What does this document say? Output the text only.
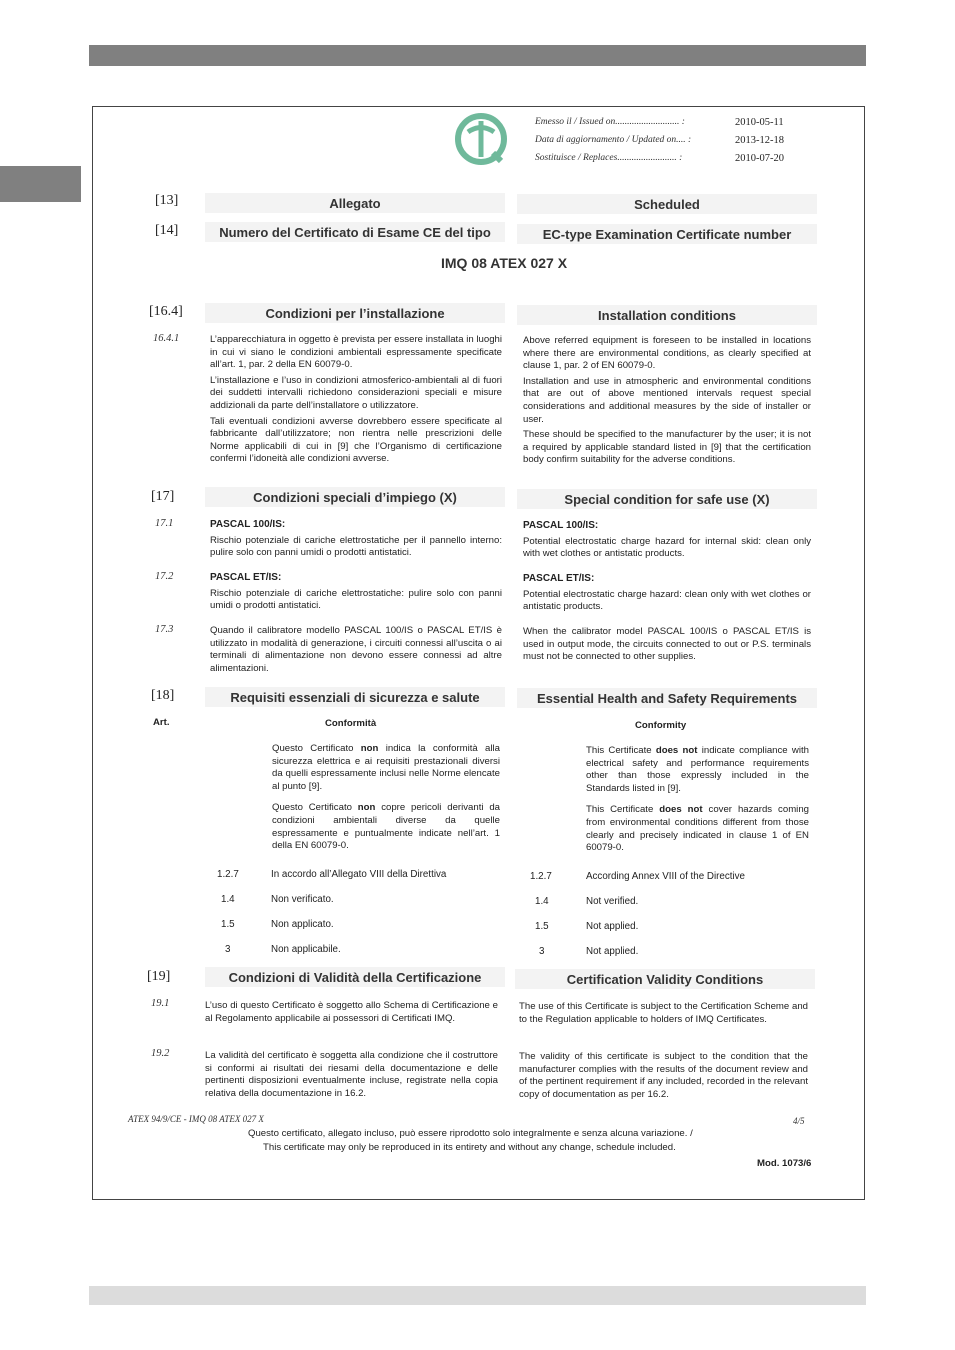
Emesso il / Issued on........................... :	2010-05-11
Data di aggiornamento / Updated on.... :	2013-12-18
Sostituisce / Replaces......................... :	2010-07-20
[13]	Allegato	Scheduled
[14]	Numero del Certificato di Esame CE del tipo	EC-type Examination Certificate number
IMQ 08 ATEX 027 X
[16.4]	Condizioni per l’installazione	Installation conditions
16.4.1	L’apparecchiatura in oggetto è prevista per essere installata in luoghi in cui vi siano le condizioni ambientali espressamente specificate all’art. 1, par. 2 della EN 60079-0.

L’installazione e l’uso in condizioni atmosferico-ambientali al di fuori dei suddetti intervalli richiedono considerazioni speciali e misure addizionali da parte dell’installatore o utilizzatore.

Tali eventuali condizioni avverse dovrebbero essere specificate al fabbricante dall’utilizzatore; non rientra nelle prescrizioni delle Norme applicabili di cui in [9] che l’Organismo di certificazione confermi l’idoneità alle condizioni avverse.

Above referred equipment is foreseen to be installed in locations where there are environmental conditions, as clearly specified at clause 1, par. 2 of EN 60079-0.

Installation and use in atmospheric and environmental conditions that are out of above mentioned intervals request special considerations and additional measures by the side of installer or user.

These should be specified to the manufacturer by the user; it is not a required by applicable standard listed in [9] that the certification body confirm suitability for the adverse conditions.

[17]	Condizioni speciali d’impiego (X)	Special condition for safe use (X)
17.1	PASCAL 100/IS:

Rischio potenziale di cariche elettrostatiche per il pannello interno: pulire solo con panni umidi o prodotti antistatici.

PASCAL 100/IS:

Potential electrostatic charge hazard for internal skid: clean only with wet clothes or antistatic products.

17.2	PASCAL ET/IS:

Rischio potenziale di cariche elettrostatiche: pulire solo con panni umidi o prodotti antistatici.

PASCAL ET/IS:

Potential electrostatic charge hazard: clean only with wet clothes or antistatic products.

17.3	Quando il calibratore modello PASCAL 100/IS o PASCAL ET/IS è utilizzato in modalità di generazione, i circuiti connessi all’uscita o ai terminali di alimentazione non devono essere connessi ad altre alimentazioni.
When the calibrator model PASCAL 100/IS o PASCAL ET/IS is used in output mode, the circuits connected to out or P.S. terminals must not be connected to other supplies.
[18]	Requisiti essenziali di sicurezza e salute	Essential Health and Safety Requirements
Art.	Conformità	Conformity

Questo Certificato non indica la conformità alla sicurezza elettrica e ai requisiti prestazionali diversi da quelli espressamente inclusi nelle Norme elencate al punto [9].

Questo Certificato non copre pericoli derivanti da condizioni ambientali diverse da quelle espressamente e puntualmente indicate nell’art. 1 della EN 60079-0.

This Certificate does not indicate compliance with electrical safety and performance requirements other than those expressly included in the Standards listed in [9].

This Certificate does not cover hazards coming from environmental conditions different from those clearly and precisely indicated in clause 1 of EN 60079-0.

1.2.7	In accordo all’Allegato VIII della Direttiva	1.2.7	According Annex VIII of the Directive
1.4	Non verificato.	1.4	Not verified.
1.5	Non applicato.	1.5	Not applied.
3	Non applicabile.	3	Not applied.
[19]	Condizioni di Validità della Certificazione	Certification Validity Conditions
19.1	L’uso di questo Certificato è soggetto allo Schema di Certificazione e al Regolamento applicabile ai possessori di Certificati IMQ.
The use of this Certificate is subject to the Certification Scheme and to the Regulation applicable to holders of IMQ Certificates.
19.2	La validità del certificato è soggetta alla condizione che il costruttore si conformi ai risultati dei riesami della documentazione e delle pertinenti disposizioni eventualmente incluse, registrate nella copia relativa della documentazione in 16.2.
The validity of this certificate is subject to the condition that the manufacturer complies with the results of the document review and of the pertinent requirement if any included, recorded in the relevant copy of documentation as per 16.2.
ATEX 94/9/CE - IMQ 08 ATEX 027 X	4/5
Questo certificato, allegato incluso, può essere riprodotto solo integralmente e senza alcuna variazione. /
This certificate may only be reproduced in its entirety and without any change, schedule included.
Mod. 1073/6
